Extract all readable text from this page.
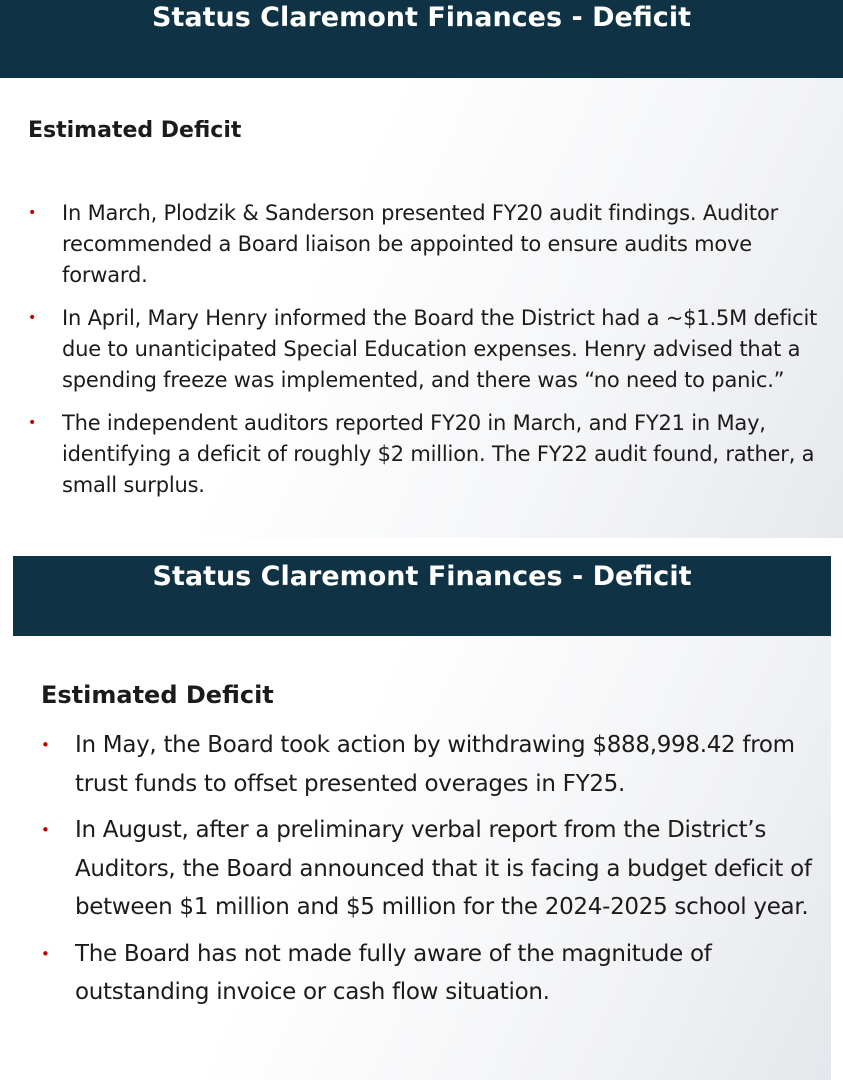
Status Claremont Finances - Deficit
Estimated Deficit
• In March, Plodzik & Sanderson presented FY20 audit findings. Auditor recommended a Board liaison be appointed to ensure audits move forward.
• In April, Mary Henry informed the Board the District had a ~$1.5M deficit due to unanticipated Special Education expenses. Henry advised that a spending freeze was implemented, and there was “no need to panic.”
• The independent auditors reported FY20 in March, and FY21 in May, identifying a deficit of roughly $2 million. The FY22 audit found, rather, a small surplus.
Status Claremont Finances - Deficit
Estimated Deficit
• In May, the Board took action by withdrawing $888,998.42 from trust funds to offset presented overages in FY25.
• In August, after a preliminary verbal report from the District’s Auditors, the Board announced that it is facing a budget deficit of between $1 million and $5 million for the 2024-2025 school year.
• The Board has not made fully aware of the magnitude of outstanding invoice or cash flow situation.
